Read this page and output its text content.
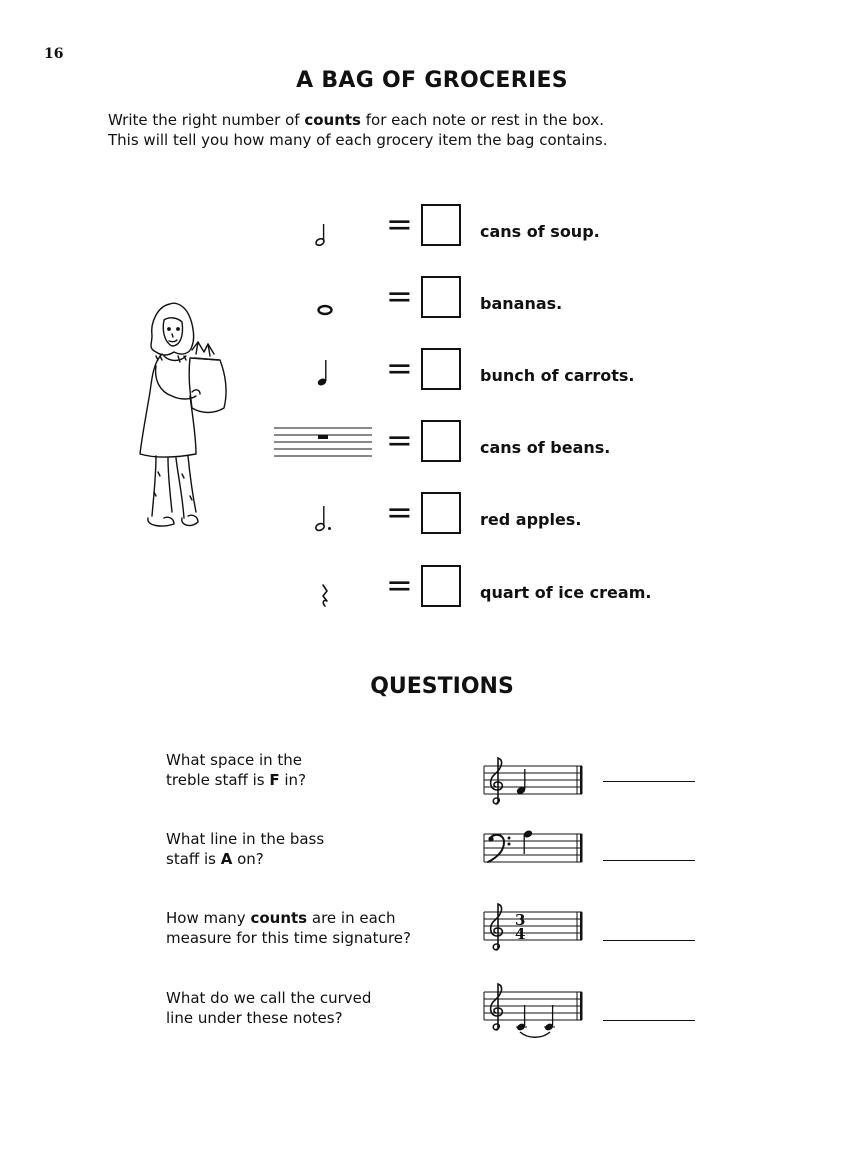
16
A BAG OF GROCERIES
Write the right number of counts for each note or rest in the box.
This will tell you how many of each grocery item the bag contains.
=	cans of soup.
=	bananas.
=	bunch of carrots.
=	cans of beans.
=	red apples.
=	quart of ice cream.
QUESTIONS
What space in the
treble staff is F in?
What line in the bass
staff is A on?
How many counts are in each
measure for this time signature?
3
4
What do we call the curved
line under these notes?
